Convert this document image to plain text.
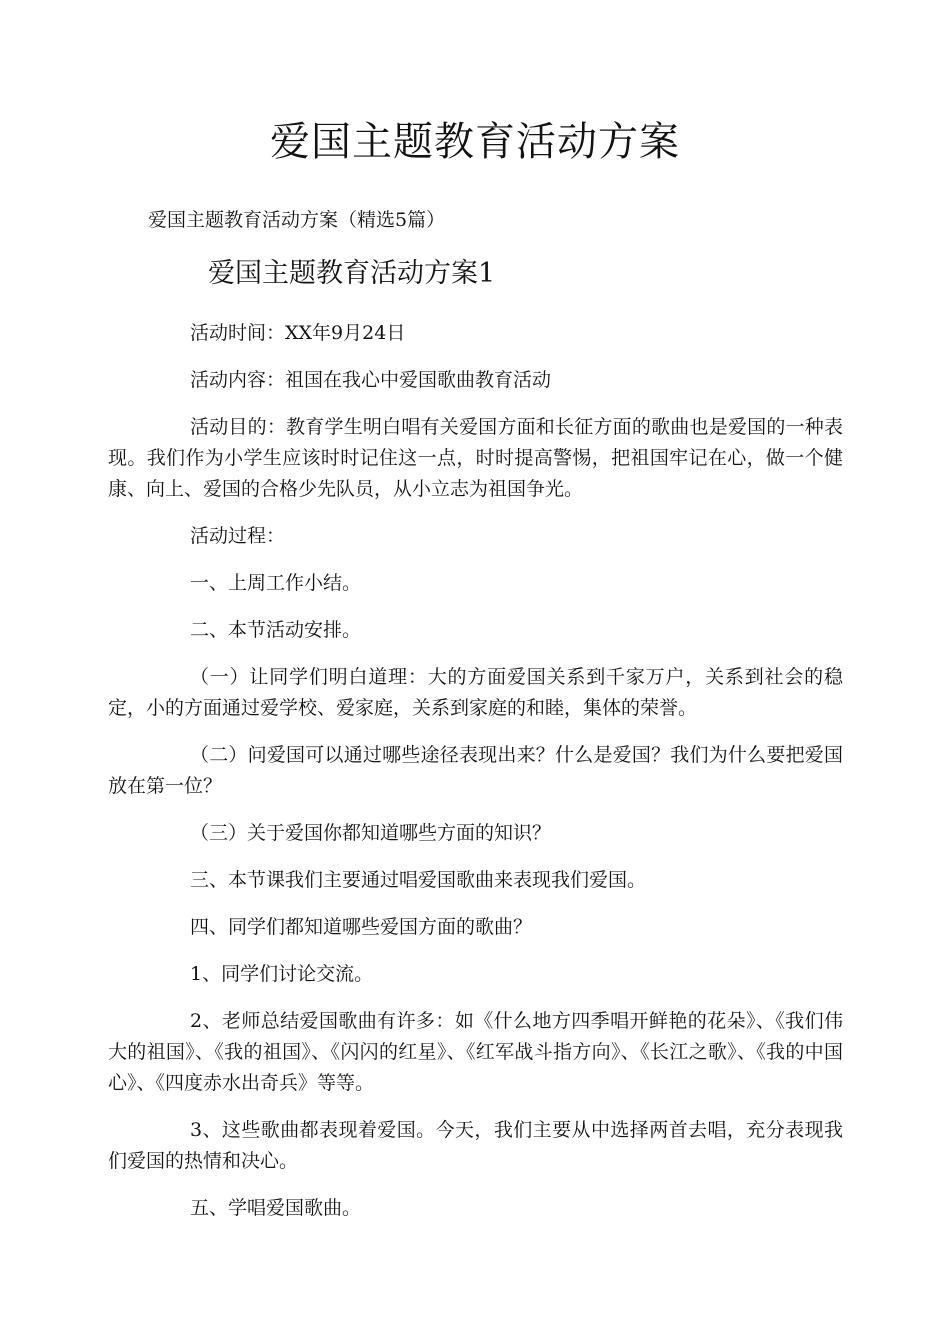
爱国主题教育活动方案

爱国主题教育活动方案（精选5篇）

爱国主题教育活动方案1

活动时间：XX年9月24日

活动内容：祖国在我心中爱国歌曲教育活动

活动目的：教育学生明白唱有关爱国方面和长征方面的歌曲也是爱国的一种表现。我们作为小学生应该时时记住这一点，时时提高警惕，把祖国牢记在心，做一个健康、向上、爱国的合格少先队员，从小立志为祖国争光。

活动过程：

一、上周工作小结。

二、本节活动安排。

（一）让同学们明白道理：大的方面爱国关系到千家万户，关系到社会的稳定，小的方面通过爱学校、爱家庭，关系到家庭的和睦，集体的荣誉。

（二）问爱国可以通过哪些途径表现出来？什么是爱国？我们为什么要把爱国放在第一位？

（三）关于爱国你都知道哪些方面的知识？

三、本节课我们主要通过唱爱国歌曲来表现我们爱国。

四、同学们都知道哪些爱国方面的歌曲？

1、同学们讨论交流。

2、老师总结爱国歌曲有许多：如《什么地方四季唱开鲜艳的花朵》、《我们伟大的祖国》、《我的祖国》、《闪闪的红星》、《红军战斗指方向》、《长江之歌》、《我的中国心》、《四度赤水出奇兵》等等。

3、这些歌曲都表现着爱国。今天，我们主要从中选择两首去唱，充分表现我们爱国的热情和决心。

五、学唱爱国歌曲。
